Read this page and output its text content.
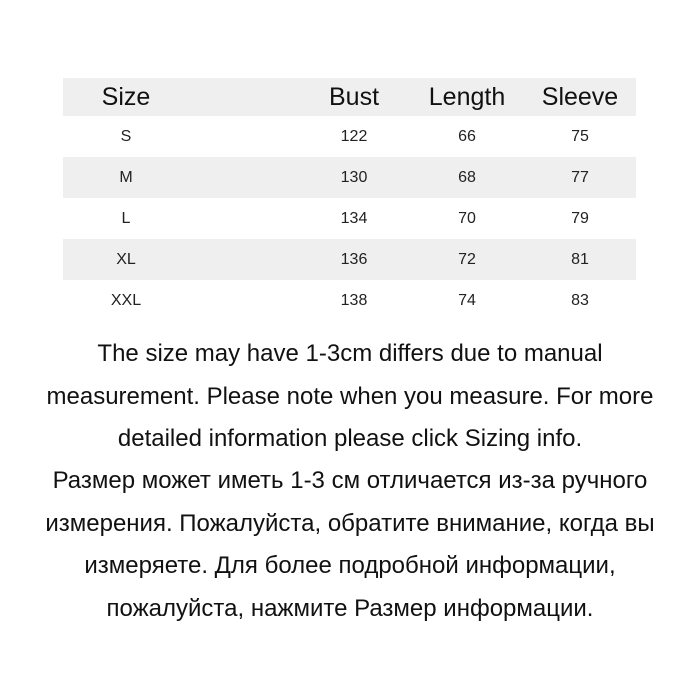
Size	Bust	Length	Sleeve
S	122	66	75
M	130	68	77
L	134	70	79
XL	136	72	81
XXL	138	74	83
The size may have 1-3cm differs due to manual
measurement. Please note when you measure. For more
detailed information please click Sizing info.
Размер может иметь 1-3 см отличается из-за ручного
измерения. Пожалуйста, обратите внимание, когда вы
измеряете. Для более подробной информации,
пожалуйста, нажмите Размер информации.
